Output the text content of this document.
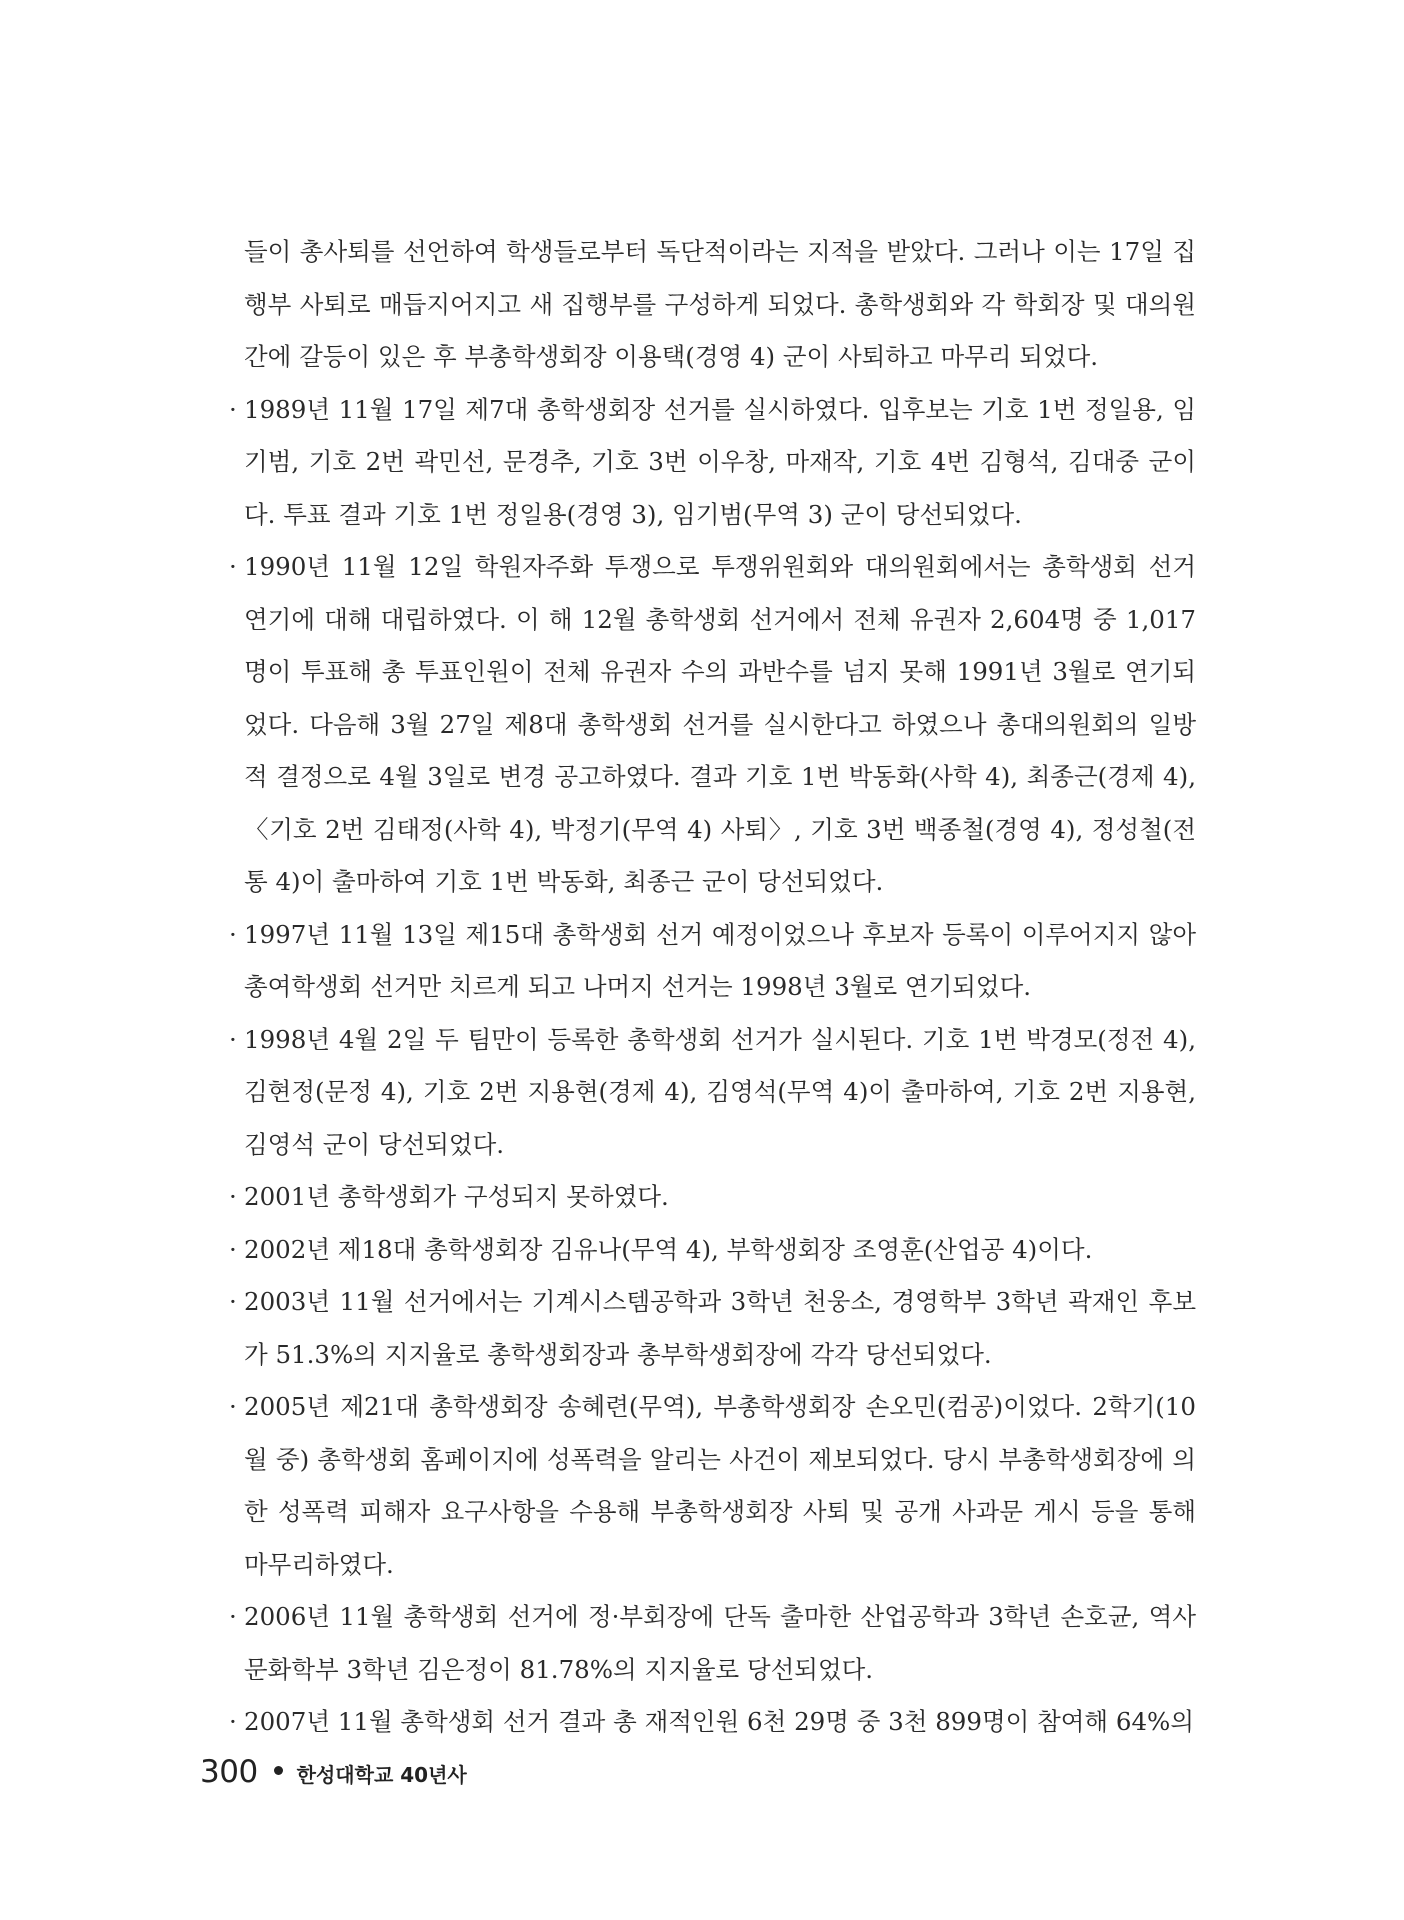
들이 총사퇴를 선언하여 학생들로부터 독단적이라는 지적을 받았다. 그러나 이는 17일 집행부 사퇴로 매듭지어지고 새 집행부를 구성하게 되었다. 총학생회와 각 학회장 및 대의원간에 갈등이 있은 후 부총학생회장 이용택(경영 4) 군이 사퇴하고 마무리 되었다.

· 1989년 11월 17일 제7대 총학생회장 선거를 실시하였다. 입후보는 기호 1번 정일용, 임기범, 기호 2번 곽민선, 문경추, 기호 3번 이우창, 마재작, 기호 4번 김형석, 김대중 군이다. 투표 결과 기호 1번 정일용(경영 3), 임기범(무역 3) 군이 당선되었다.

· 1990년 11월 12일 학원자주화 투쟁으로 투쟁위원회와 대의원회에서는 총학생회 선거 연기에 대해 대립하였다. 이 해 12월 총학생회 선거에서 전체 유권자 2,604명 중 1,017명이 투표해 총 투표인원이 전체 유권자 수의 과반수를 넘지 못해 1991년 3월로 연기되었다. 다음해 3월 27일 제8대 총학생회 선거를 실시한다고 하였으나 총대의원회의 일방적 결정으로 4월 3일로 변경 공고하였다. 결과 기호 1번 박동화(사학 4), 최종근(경제 4), 〈기호 2번 김태정(사학 4), 박정기(무역 4) 사퇴〉, 기호 3번 백종철(경영 4), 정성철(전통 4)이 출마하여 기호 1번 박동화, 최종근 군이 당선되었다.

· 1997년 11월 13일 제15대 총학생회 선거 예정이었으나 후보자 등록이 이루어지지 않아 총여학생회 선거만 치르게 되고 나머지 선거는 1998년 3월로 연기되었다.

· 1998년 4월 2일 두 팀만이 등록한 총학생회 선거가 실시된다. 기호 1번 박경모(정전 4), 김현정(문정 4), 기호 2번 지용현(경제 4), 김영석(무역 4)이 출마하여, 기호 2번 지용현, 김영석 군이 당선되었다.

· 2001년 총학생회가 구성되지 못하였다.

· 2002년 제18대 총학생회장 김유나(무역 4), 부학생회장 조영훈(산업공 4)이다.

· 2003년 11월 선거에서는 기계시스템공학과 3학년 천웅소, 경영학부 3학년 곽재인 후보가 51.3%의 지지율로 총학생회장과 총부학생회장에 각각 당선되었다.

· 2005년 제21대 총학생회장 송혜련(무역), 부총학생회장 손오민(컴공)이었다. 2학기(10월 중) 총학생회 홈페이지에 성폭력을 알리는 사건이 제보되었다. 당시 부총학생회장에 의한 성폭력 피해자 요구사항을 수용해 부총학생회장 사퇴 및 공개 사과문 게시 등을 통해 마무리하였다.

· 2006년 11월 총학생회 선거에 정·부회장에 단독 출마한 산업공학과 3학년 손호균, 역사문화학부 3학년 김은정이 81.78%의 지지율로 당선되었다.

· 2007년 11월 총학생회 선거 결과 총 재적인원 6천 29명 중 3천 899명이 참여해 64%의

300 한성대학교 40년사
